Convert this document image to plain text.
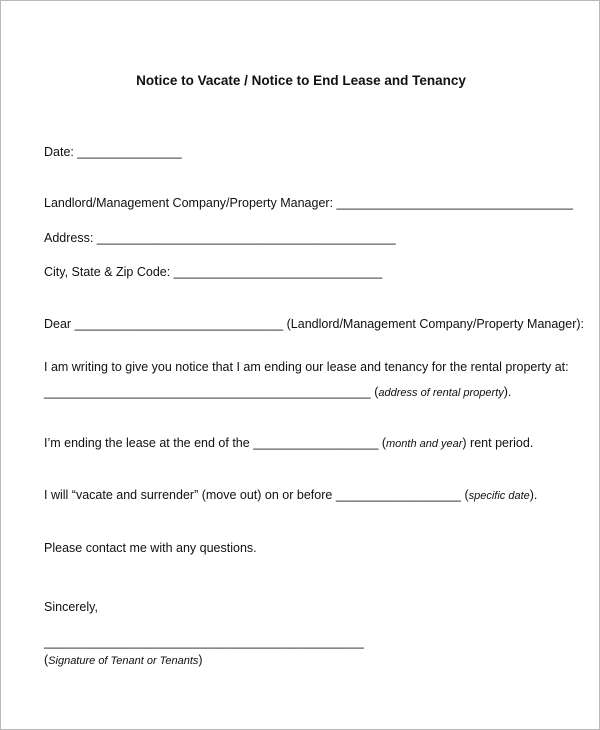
Notice to Vacate / Notice to End Lease and Tenancy
Date: _______________
Landlord/Management Company/Property Manager: __________________________________
Address: ___________________________________________
City, State & Zip Code: ______________________________
Dear ______________________________ (Landlord/Management Company/Property Manager):
I am writing to give you notice that I am ending our lease and tenancy for the rental property at:
_______________________________________________ (address of rental property).
I’m ending the lease at the end of the __________________ (month and year) rent period.
I will “vacate and surrender” (move out) on or before __________________ (specific date).
Please contact me with any questions.
Sincerely,
______________________________________________
(Signature of Tenant or Tenants)
